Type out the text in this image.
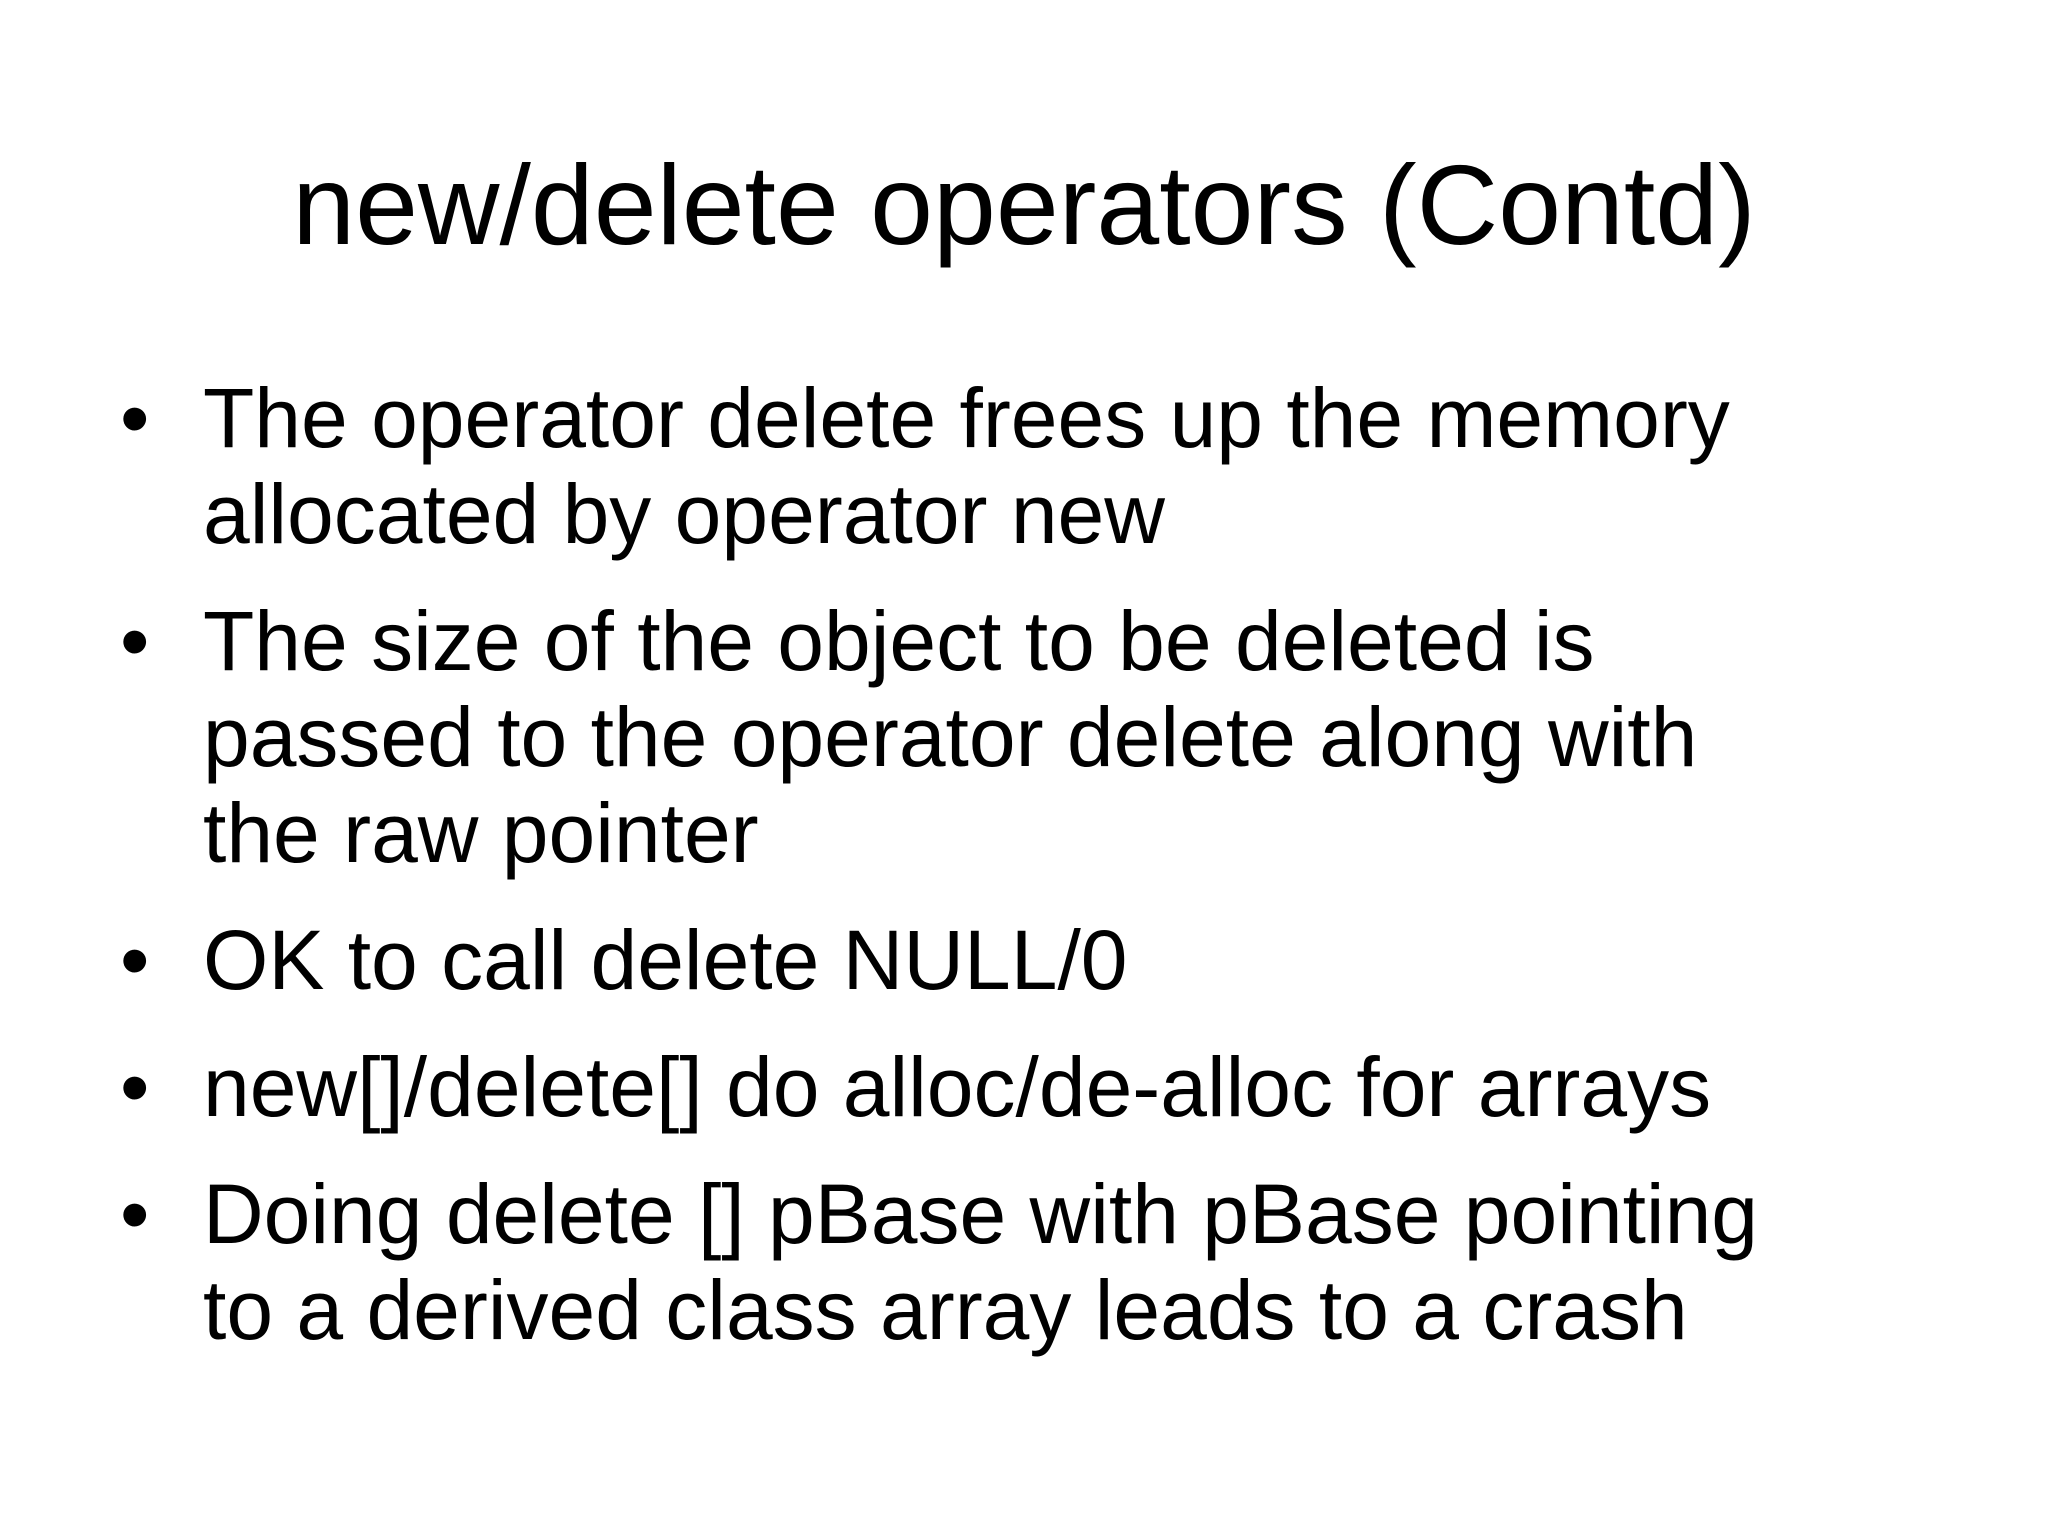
new/delete operators (Contd)
• The operator delete frees up the memory
allocated by operator new
• The size of the object to be deleted is
passed to the operator delete along with
the raw pointer
• OK to call delete NULL/0
• new[]/delete[] do alloc/de-alloc for arrays
• Doing delete [] pBase with pBase pointing
to a derived class array leads to a crash
